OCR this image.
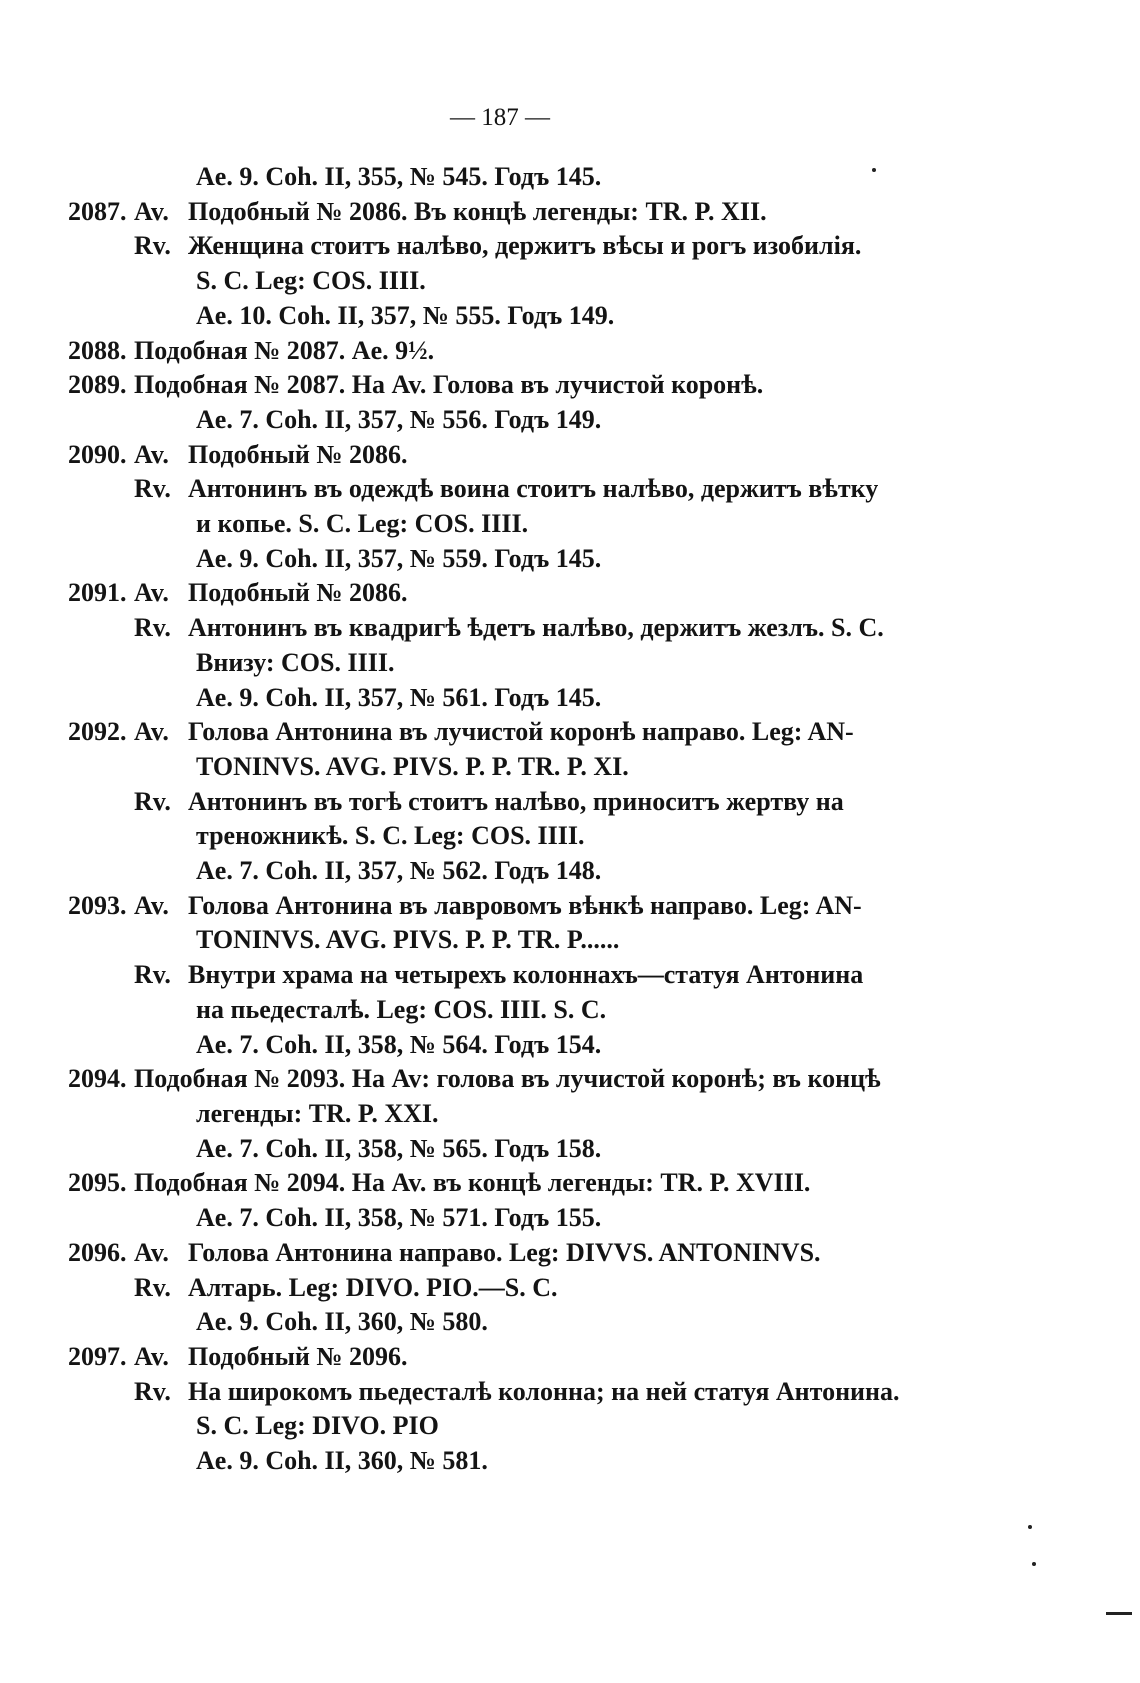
— 187 —
Ae. 9. Coh. II, 355, № 545. Годъ 145.
2087. Av. Подобный № 2086. Въ концѣ легенды: TR. P. XII.
Rv. Женщина стоитъ налѣво, держитъ вѣсы и рогъ изобилія.
S. C. Leg: COS. IIII.
Ae. 10. Coh. II, 357, № 555. Годъ 149.
2088. Подобная № 2087. Ae. 9½.
2089. Подобная № 2087. На Av. Голова въ лучистой коронѣ.
Ae. 7. Coh. II, 357, № 556. Годъ 149.
2090. Av. Подобный № 2086.
Rv. Антонинъ въ одеждѣ воина стоитъ налѣво, держитъ вѣтку
и копье. S. C. Leg: COS. IIII.
Ae. 9. Coh. II, 357, № 559. Годъ 145.
2091. Av. Подобный № 2086.
Rv. Антонинъ въ квадригѣ ѣдетъ налѣво, держитъ жезлъ. S. C.
Внизу: COS. IIII.
Ae. 9. Coh. II, 357, № 561. Годъ 145.
2092. Av. Голова Антонина въ лучистой коронѣ направо. Leg: AN-
TONINVS. AVG. PIVS. P. P. TR. P. XI.
Rv. Антонинъ въ тогѣ стоитъ налѣво, приноситъ жертву на
треножникѣ. S. C. Leg: COS. IIII.
Ae. 7. Coh. II, 357, № 562. Годъ 148.
2093. Av. Голова Антонина въ лавровомъ вѣнкѣ направо. Leg: AN-
TONINVS. AVG. PIVS. P. P. TR. P......
Rv. Внутри храма на четырехъ колоннахъ—статуя Антонина
на пьедесталѣ. Leg: COS. IIII. S. C.
Ae. 7. Coh. II, 358, № 564. Годъ 154.
2094. Подобная № 2093. На Av: голова въ лучистой коронѣ; въ концѣ
легенды: TR. P. XXI.
Ae. 7. Coh. II, 358, № 565. Годъ 158.
2095. Подобная № 2094. На Av. въ концѣ легенды: TR. P. XVIII.
Ae. 7. Coh. II, 358, № 571. Годъ 155.
2096. Av. Голова Антонина направо. Leg: DIVVS. ANTONINVS.
Rv. Алтарь. Leg: DIVO. PIO.—S. C.
Ae. 9. Coh. II, 360, № 580.
2097. Av. Подобный № 2096.
Rv. На широкомъ пьедесталѣ колонна; на ней статуя Антонина.
S. C. Leg: DIVO. PIO
Ae. 9. Coh. II, 360, № 581.
